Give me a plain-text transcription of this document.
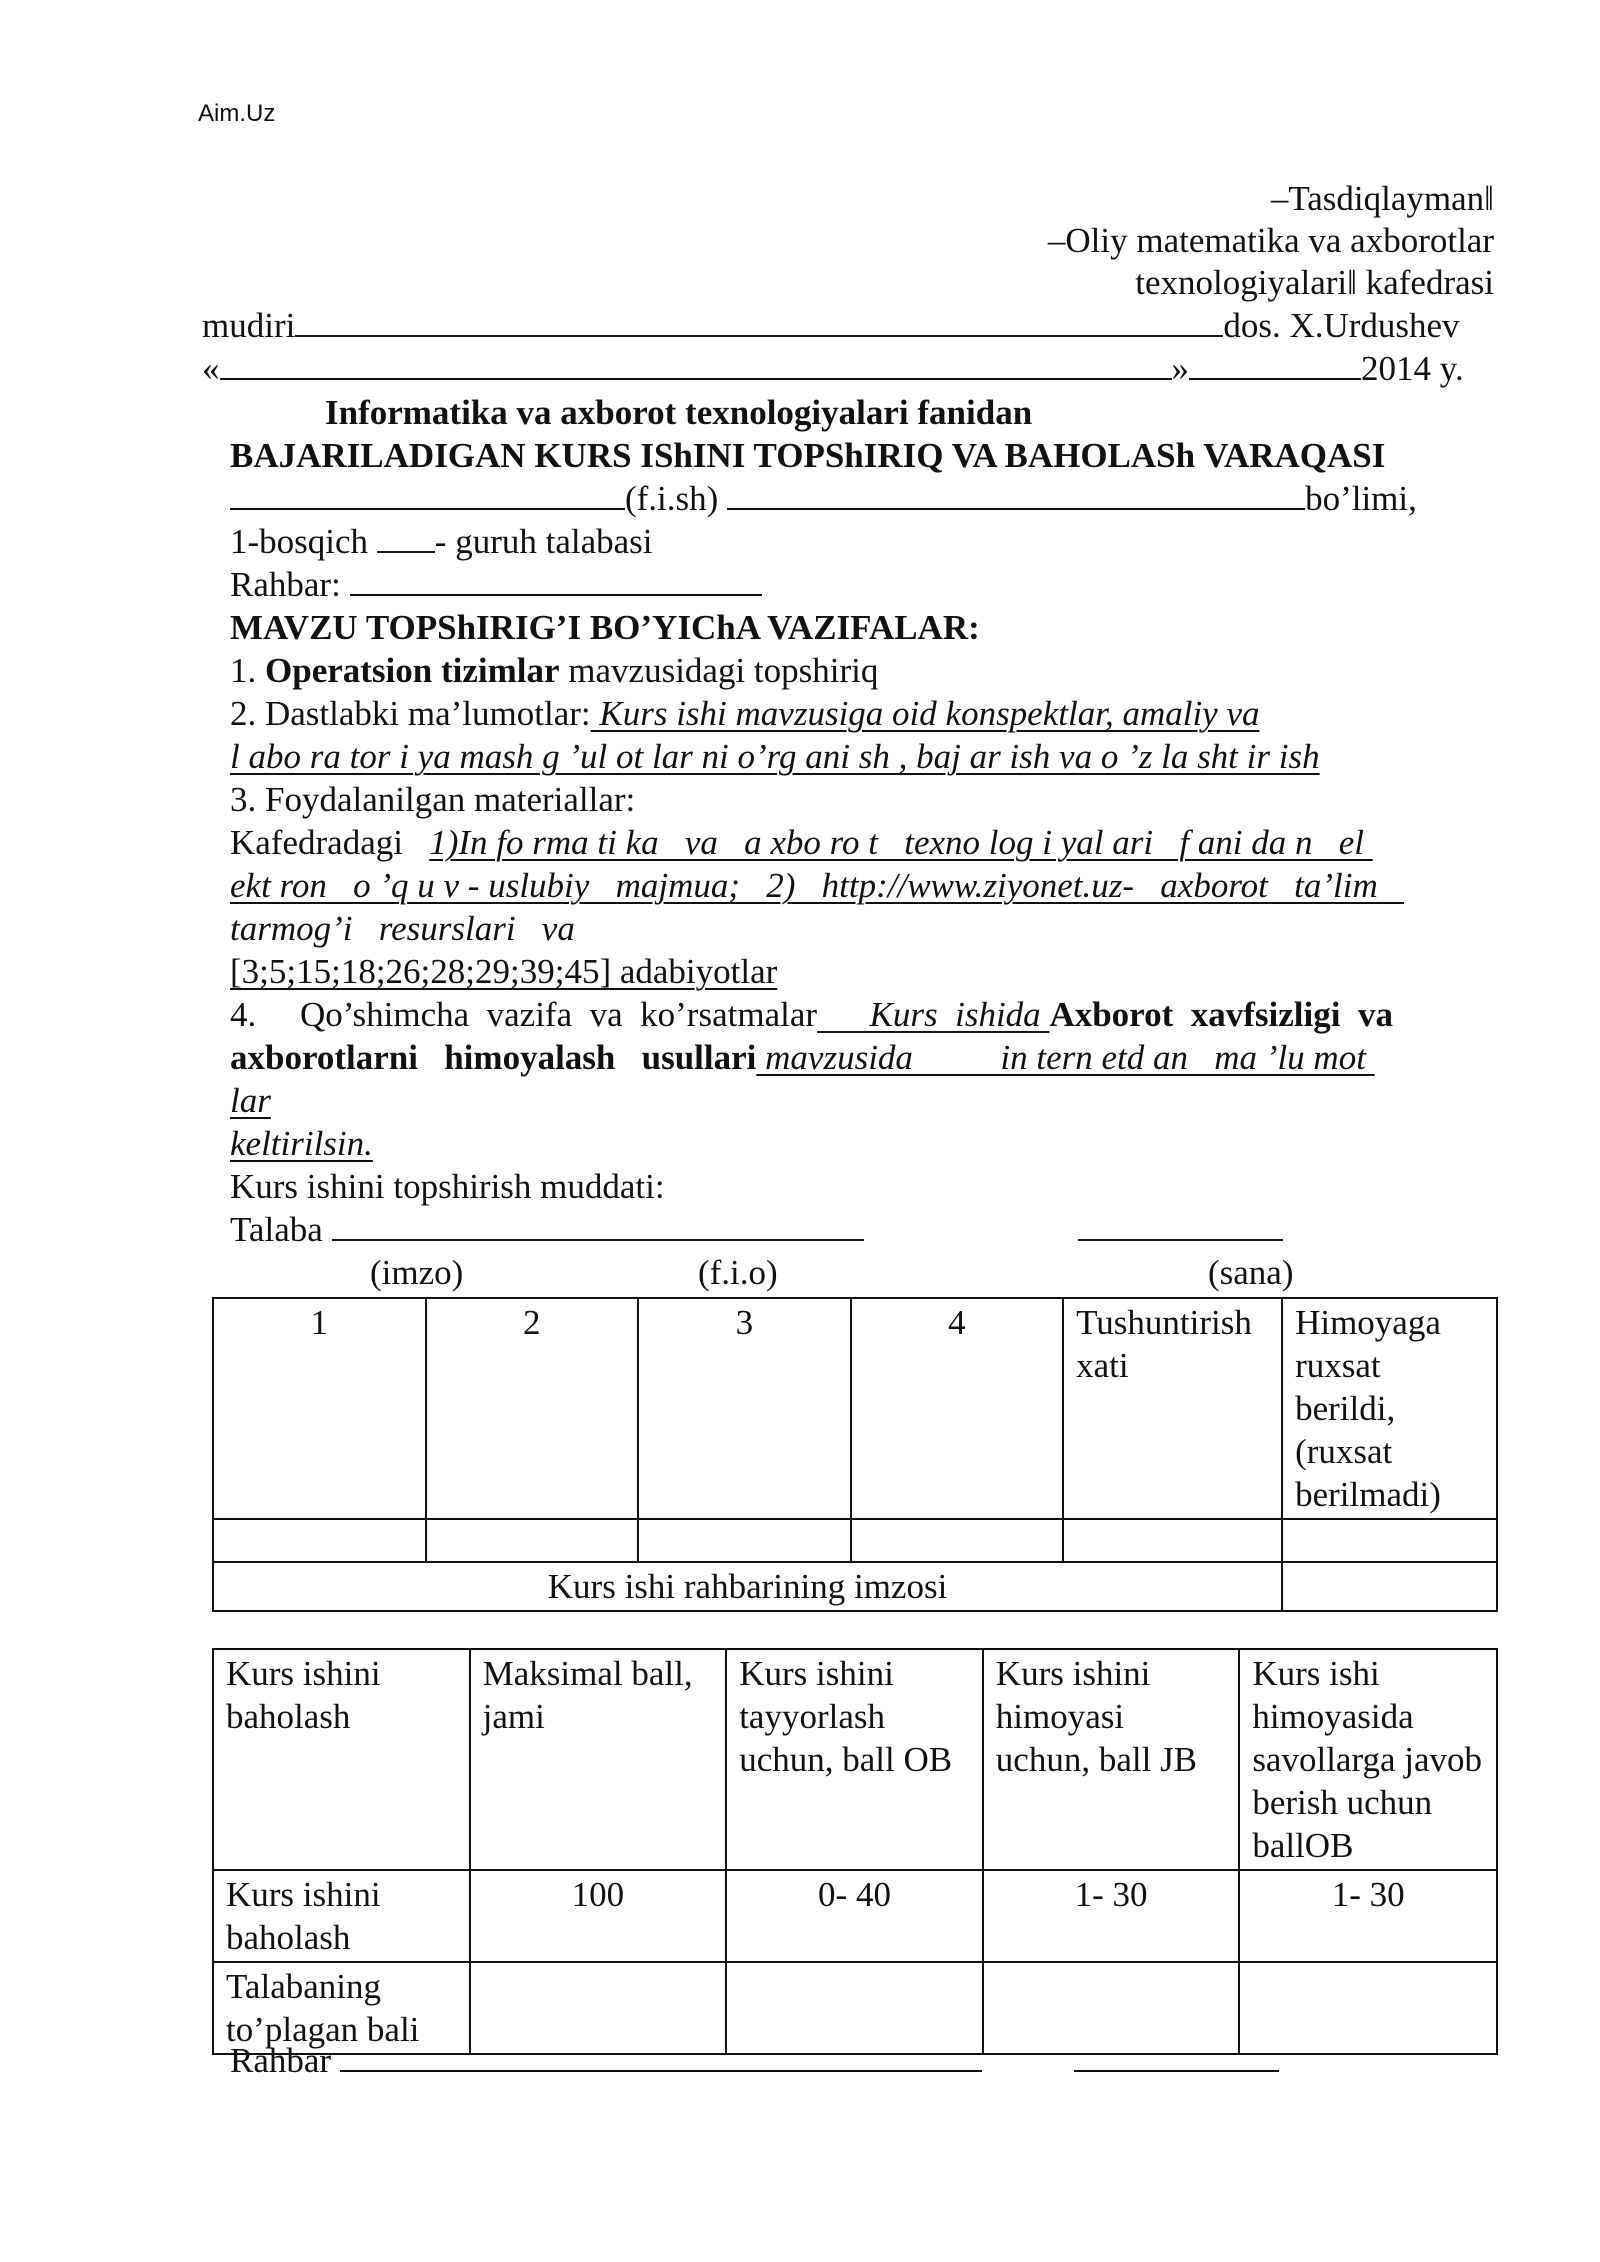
Aim.Uz
–Tasdiqlayman‖
–Oliy matematika va axborotlar
texnologiyalari‖ kafedrasi
mudiri	dos. X.Urdushev
«	»	2014 y.
Informatika va axborot texnologiyalari fanidan
BAJARILADIGAN KURS IShINI TOPShIRIQ VA BAHOLASh VARAQASI
(f.i.sh)	bo’limi,
1-bosqich - guruh talabasi
Rahbar:
MAVZU TOPShIRIG’I BO’YIChA VAZIFALAR:
1. Operatsion tizimlar mavzusidagi topshiriq
2. Dastlabki ma’lumotlar: Kurs ishi mavzusiga oid konspektlar, amaliy va
l abo ra tor i ya mash g ’ul ot lar ni o’rg ani sh , baj ar ish va o ’z la sht ir ish
3. Foydalanilgan materiallar:
Kafedradagi   1)In fo rma ti ka   va   a xbo ro t   texno log i yal ari   f ani da n   el
ekt ron   o ’q u v - uslubiy   majmua;   2)   http://www.ziyonet.uz-   axborot   ta’lim
tarmog’i   resurslari   va
[3;5;15;18;26;28;29;39;45] adabiyotlar
4.     Qo’shimcha  vazifa  va  ko’rsatmalar      Kurs  ishida Axborot  xavfsizligi  va
axborotlarni   himoyalash   usullari mavzusida          in tern etd an   ma ’lu mot
lar
keltirilsin.
Kurs ishini topshirish muddati:
Talaba
(imzo)	(f.i.o)	(sana)
1	2	3	4	Tushuntirish xati	Himoyaga ruxsat berildi, (ruxsat berilmadi)

Kurs ishi rahbarining imzosi					
Kurs ishini baholash	Maksimal ball, jami	Kurs ishini tayyorlash uchun, ball OB	Kurs ishini himoyasi uchun, ball JB	Kurs ishi himoyasida savollarga javob berish uchun ballOB
Kurs ishini baholash	100	0- 40	1- 30	1- 30
Talabaning to’plagan bali				
Rahbar
